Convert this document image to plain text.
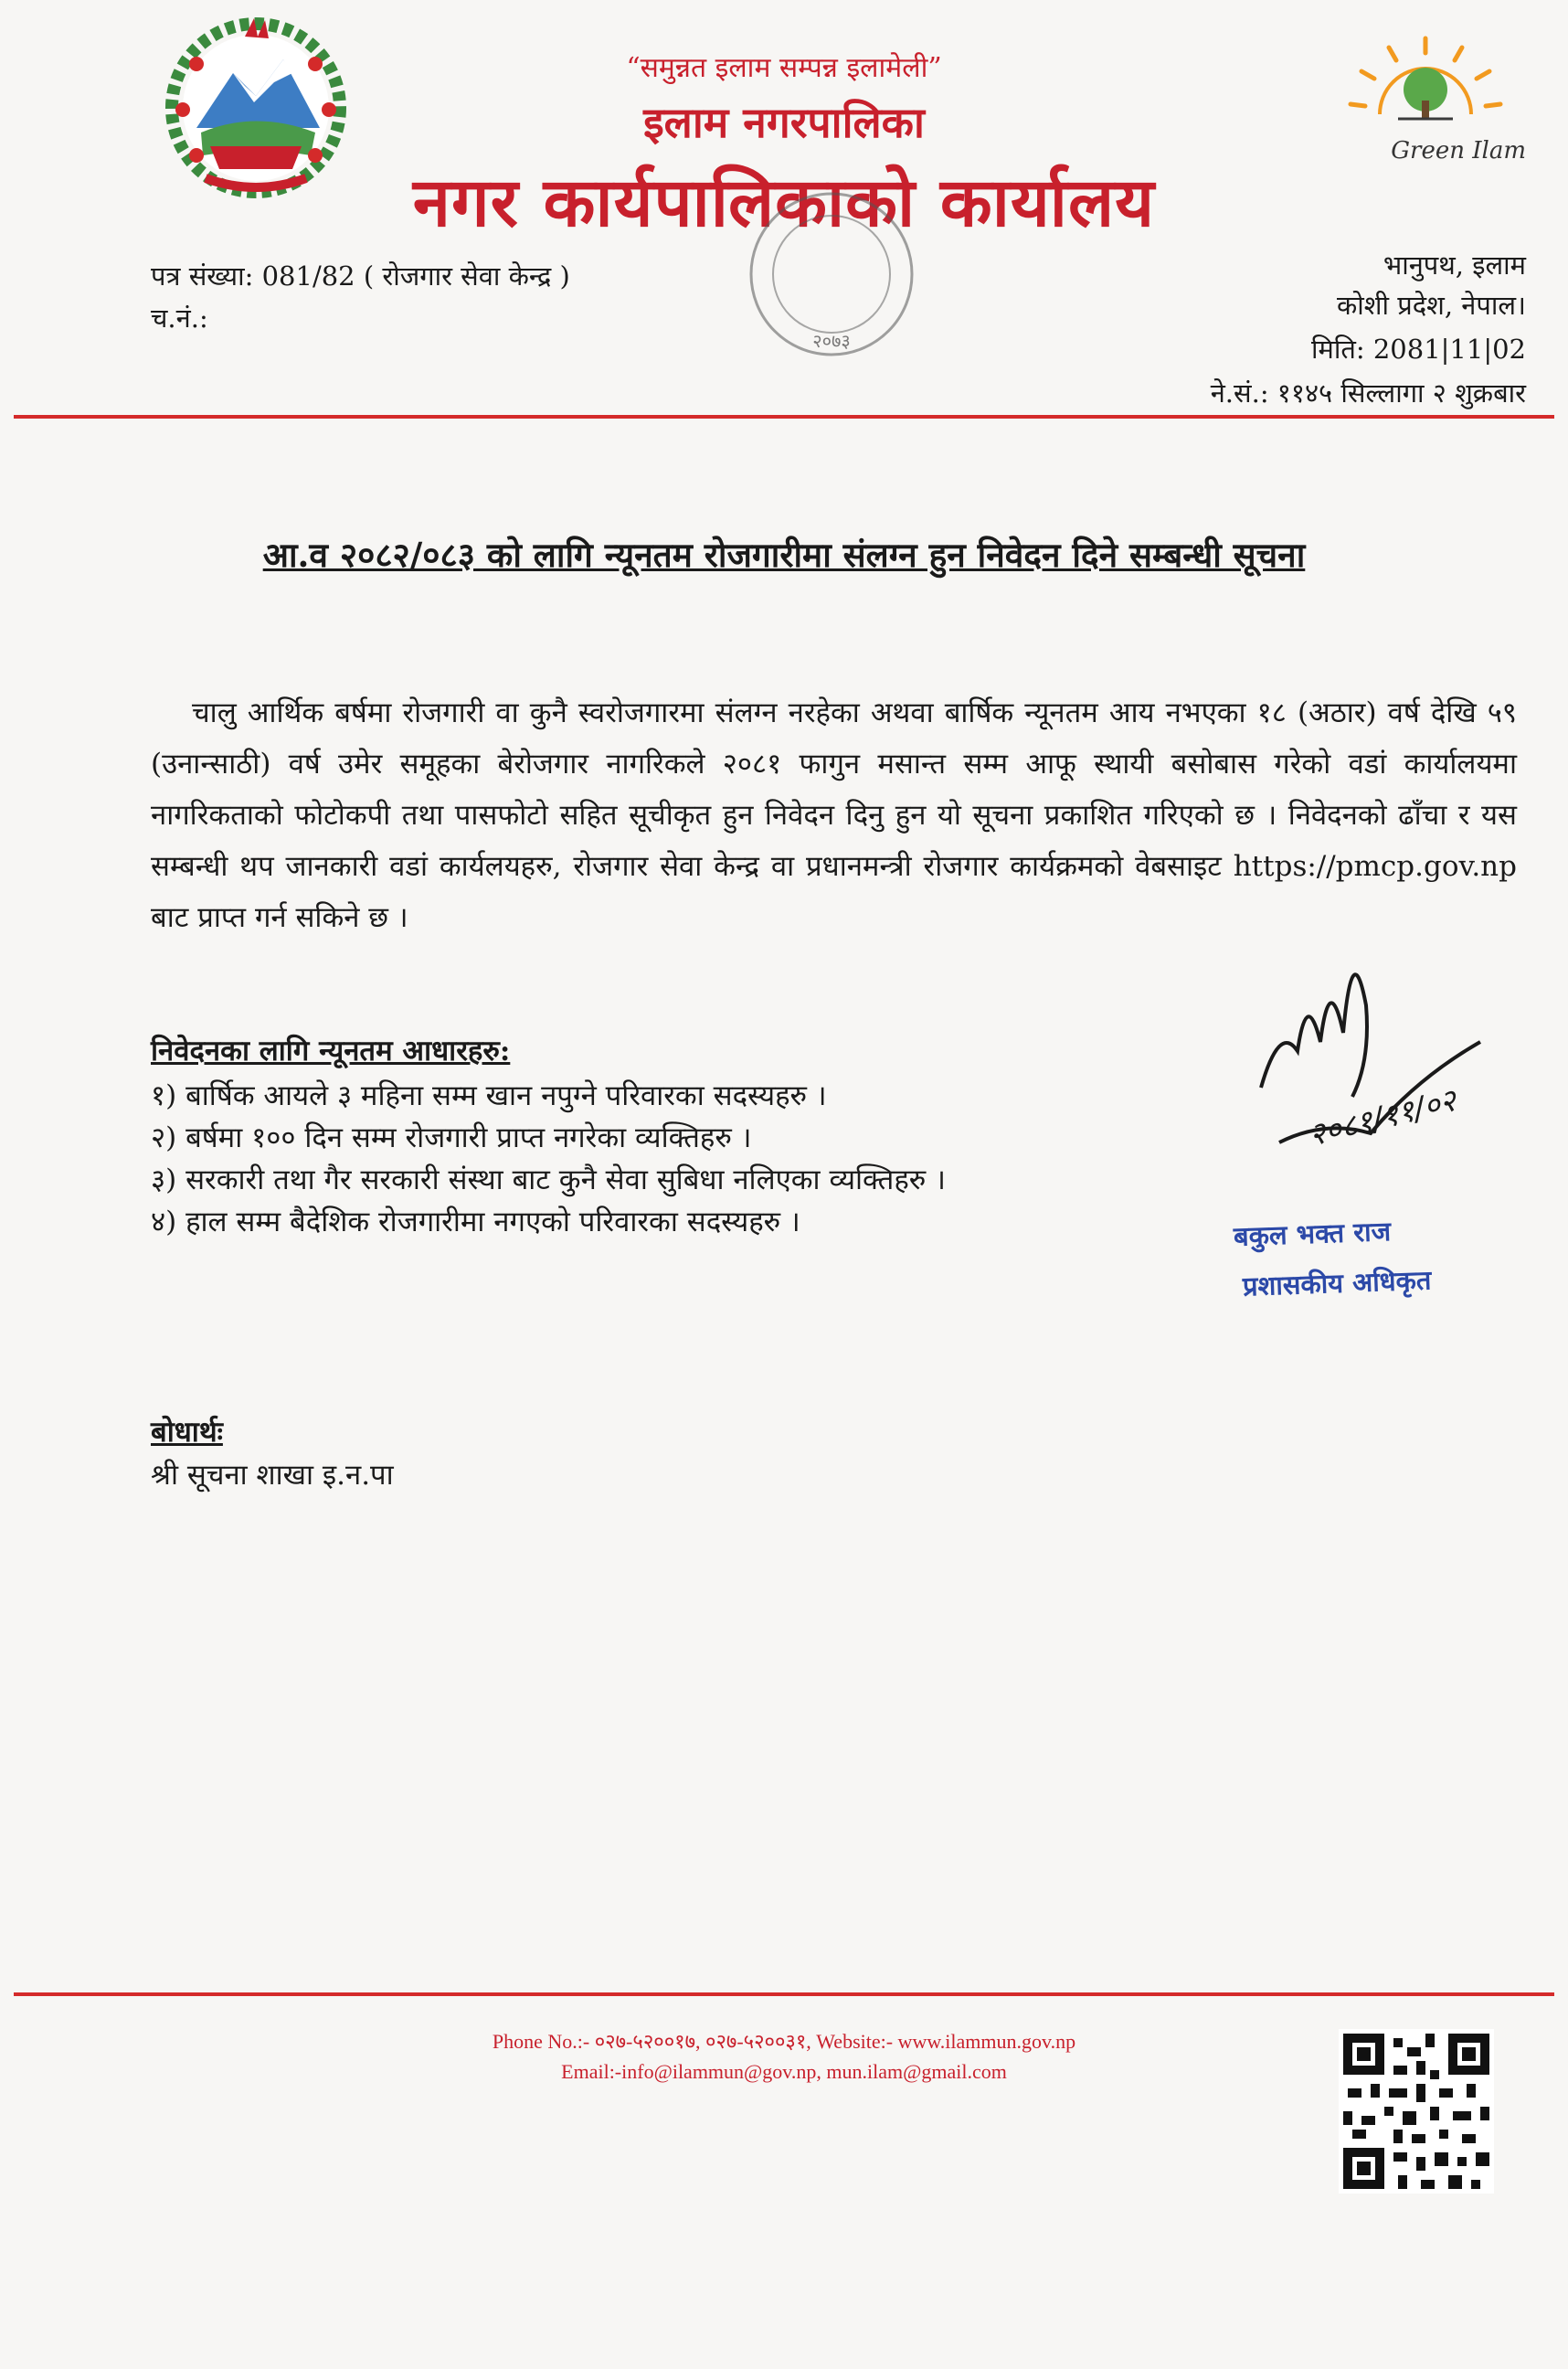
Green Ilam
“समुन्नत इलाम सम्पन्न इलामेली”
इलाम नगरपालिका
नगर कार्यपालिकाको कार्यालय
२०७३
पत्र संख्या: 081/82 ( रोजगार सेवा केन्द्र )
च.नं.:
भानुपथ, इलाम
कोशी प्रदेश, नेपाल।
मिति: 2081|11|02
ने.सं.: ११४५ सिल्लागा २ शुक्रबार
आ.व २०८२/०८३ को लागि न्यूनतम रोजगारीमा संलग्न हुन निवेदन दिने सम्बन्धी सूचना
चालु आर्थिक बर्षमा रोजगारी वा कुनै स्वरोजगारमा संलग्न नरहेका अथवा बार्षिक न्यूनतम आय नभएका १८ (अठार) वर्ष देखि ५९ (उनान्साठी) वर्ष उमेर समूहका बेरोजगार नागरिकले २०८१ फागुन मसान्त सम्म आफू स्थायी बसोबास गरेको वडां कार्यालयमा नागरिकताको फोटोकपी तथा पासफोटो सहित सूचीकृत हुन निवेदन दिनु हुन यो सूचना प्रकाशित गरिएको छ । निवेदनको ढाँचा र यस सम्बन्धी थप जानकारी वडां कार्यलयहरु, रोजगार सेवा केन्द्र वा प्रधानमन्त्री रोजगार कार्यक्रमको वेबसाइट https://pmcp.gov.np बाट प्राप्त गर्न सकिने छ ।
निवेदनका लागि न्यूनतम आधारहरु:
१) बार्षिक आयले ३ महिना सम्म खान नपुग्ने परिवारका सदस्यहरु ।
२) बर्षमा १०० दिन सम्म रोजगारी प्राप्त नगरेका व्यक्तिहरु ।
३) सरकारी तथा गैर सरकारी संस्था बाट कुनै सेवा सुबिधा नलिएका व्यक्तिहरु ।
४) हाल सम्म बैदेशिक रोजगारीमा नगएको परिवारका सदस्यहरु ।
२०८१/११/०२
बकुल भक्त राज
प्रशासकीय अधिकृत
बोधार्थः
श्री सूचना शाखा इ.न.पा
Phone No.:- ०२७-५२००१७, ०२७-५२००३१, Website:- www.ilammun.gov.np
Email:-info@ilammun@gov.np, mun.ilam@gmail.com
